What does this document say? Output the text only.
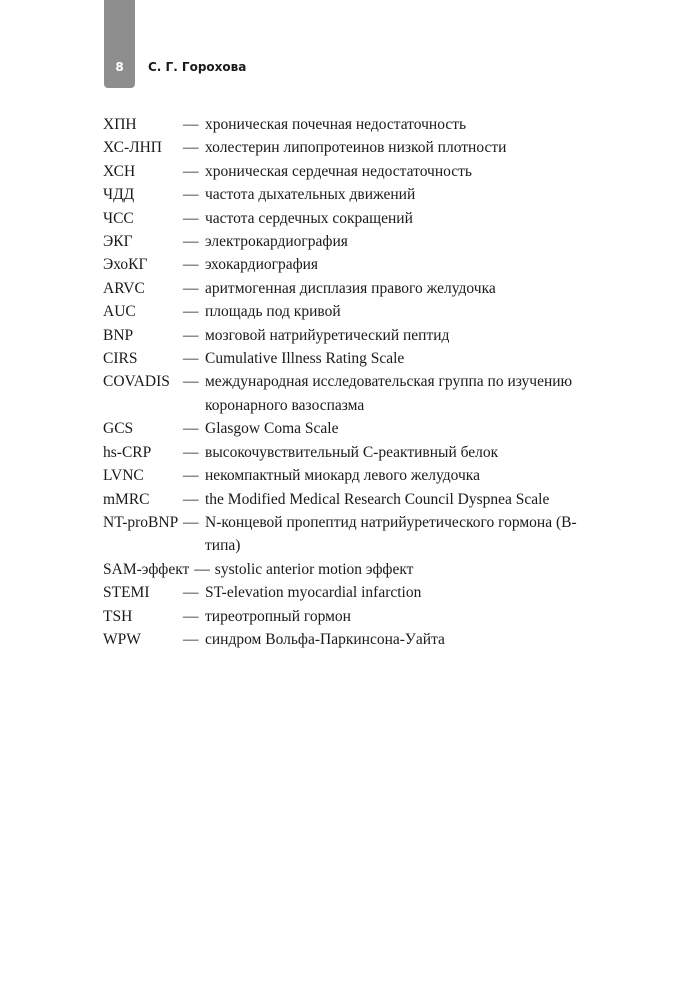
8	С. Г. Горохова
ХПН	— хроническая почечная недостаточность
ХС-ЛНП	— холестерин липопротеинов низкой плотности
ХСН	— хроническая сердечная недостаточность
ЧДД	— частота дыхательных движений
ЧСС	— частота сердечных сокращений
ЭКГ	— электрокардиография
ЭхоКГ	— эхокардиография
ARVC	— аритмогенная дисплазия правого желудочка
AUC	— площадь под кривой
BNP	— мозговой натрийуретический пептид
CIRS	— Cumulative Illness Rating Scale
COVADIS — международная исследовательская группа по изучению коронарного вазоспазма
GCS	— Glasgow Coma Scale
hs-CRP	— высокочувствительный С-реактивный белок
LVNC	— некомпактный миокард левого желудочка
mMRC	— the Modified Medical Research Council Dyspnea Scale
NT-proBNP — N-концевой пропептид натрийуретического гормона (В-типа)
SAM-эффект — systolic anterior motion эффект
STEMI	— ST-elevation myocardial infarction
TSH	— тиреотропный гормон
WPW	— синдром Вольфа-Паркинсона-Уайта
